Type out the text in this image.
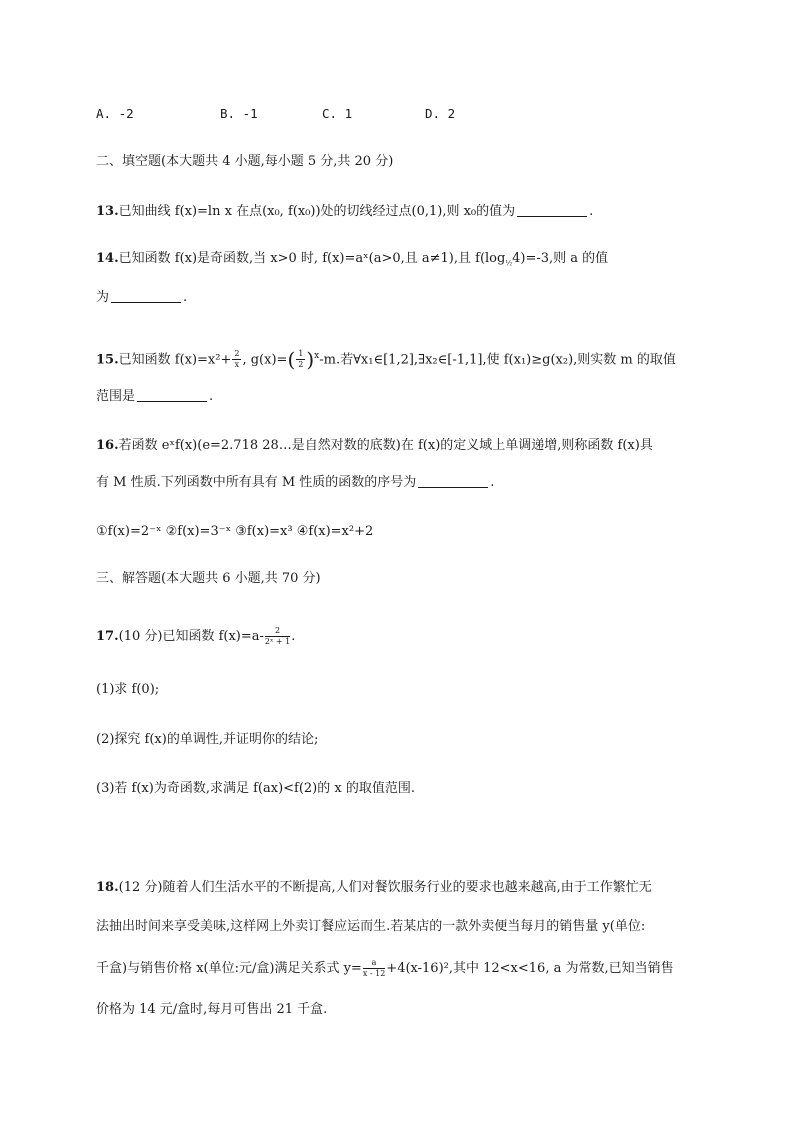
A. -2	B. -1	C. 1	D. 2
二、填空题(本大题共 4 小题,每小题 5 分,共 20 分)
13.已知曲线 f(x)=ln x 在点(x₀, f(x₀))处的切线经过点(0,1),则 x₀的值为	.
14.已知函数 f(x)是奇函数,当 x>0 时, f(x)=aˣ(a>0,且 a≠1),且 $f(\log_{\frac{1}{2}}4)=-3$,则 a 的值
为	.
15.已知函数 $f(x)=x^2+ \frac{2}{x}$ , $g(x)=( \frac{1}{2} )^x-m$.若∀x₁∈[1,2],∃x₂∈[-1,1],使 f(x₁)≥g(x₂),则实数 m 的取值
范围是	.
16.若函数 eˣf(x)(e=2.718 28…是自然对数的底数)在 f(x)的定义域上单调递增,则称函数 f(x)具
有 M 性质.下列函数中所有具有 M 性质的函数的序号为	.
①f(x)=2⁻ˣ ②f(x)=3⁻ˣ ③f(x)=x³ ④f(x)=x²+2
三、解答题(本大题共 6 小题,共 70 分)
17.(10 分)已知函数 $f(x)=a- \frac{2}{\text{2ˣ + 1}}$ .
(1)求 f(0);
(2)探究 f(x)的单调性,并证明你的结论;
(3)若 f(x)为奇函数,求满足 f(ax)<f(2)的 x 的取值范围.
18.(12 分)随着人们生活水平的不断提高,人们对餐饮服务行业的要求也越来越高,由于工作繁忙无
法抽出时间来享受美味,这样网上外卖订餐应运而生.若某店的一款外卖便当每月的销售量 y(单位:
千盒)与销售价格 x(单位:元/盒)满足关系式 $y= \frac{a}{x - 12} +4(x-16)^2$,其中 12<x<16, a 为常数,已知当销售
价格为 14 元/盒时,每月可售出 21 千盒.
